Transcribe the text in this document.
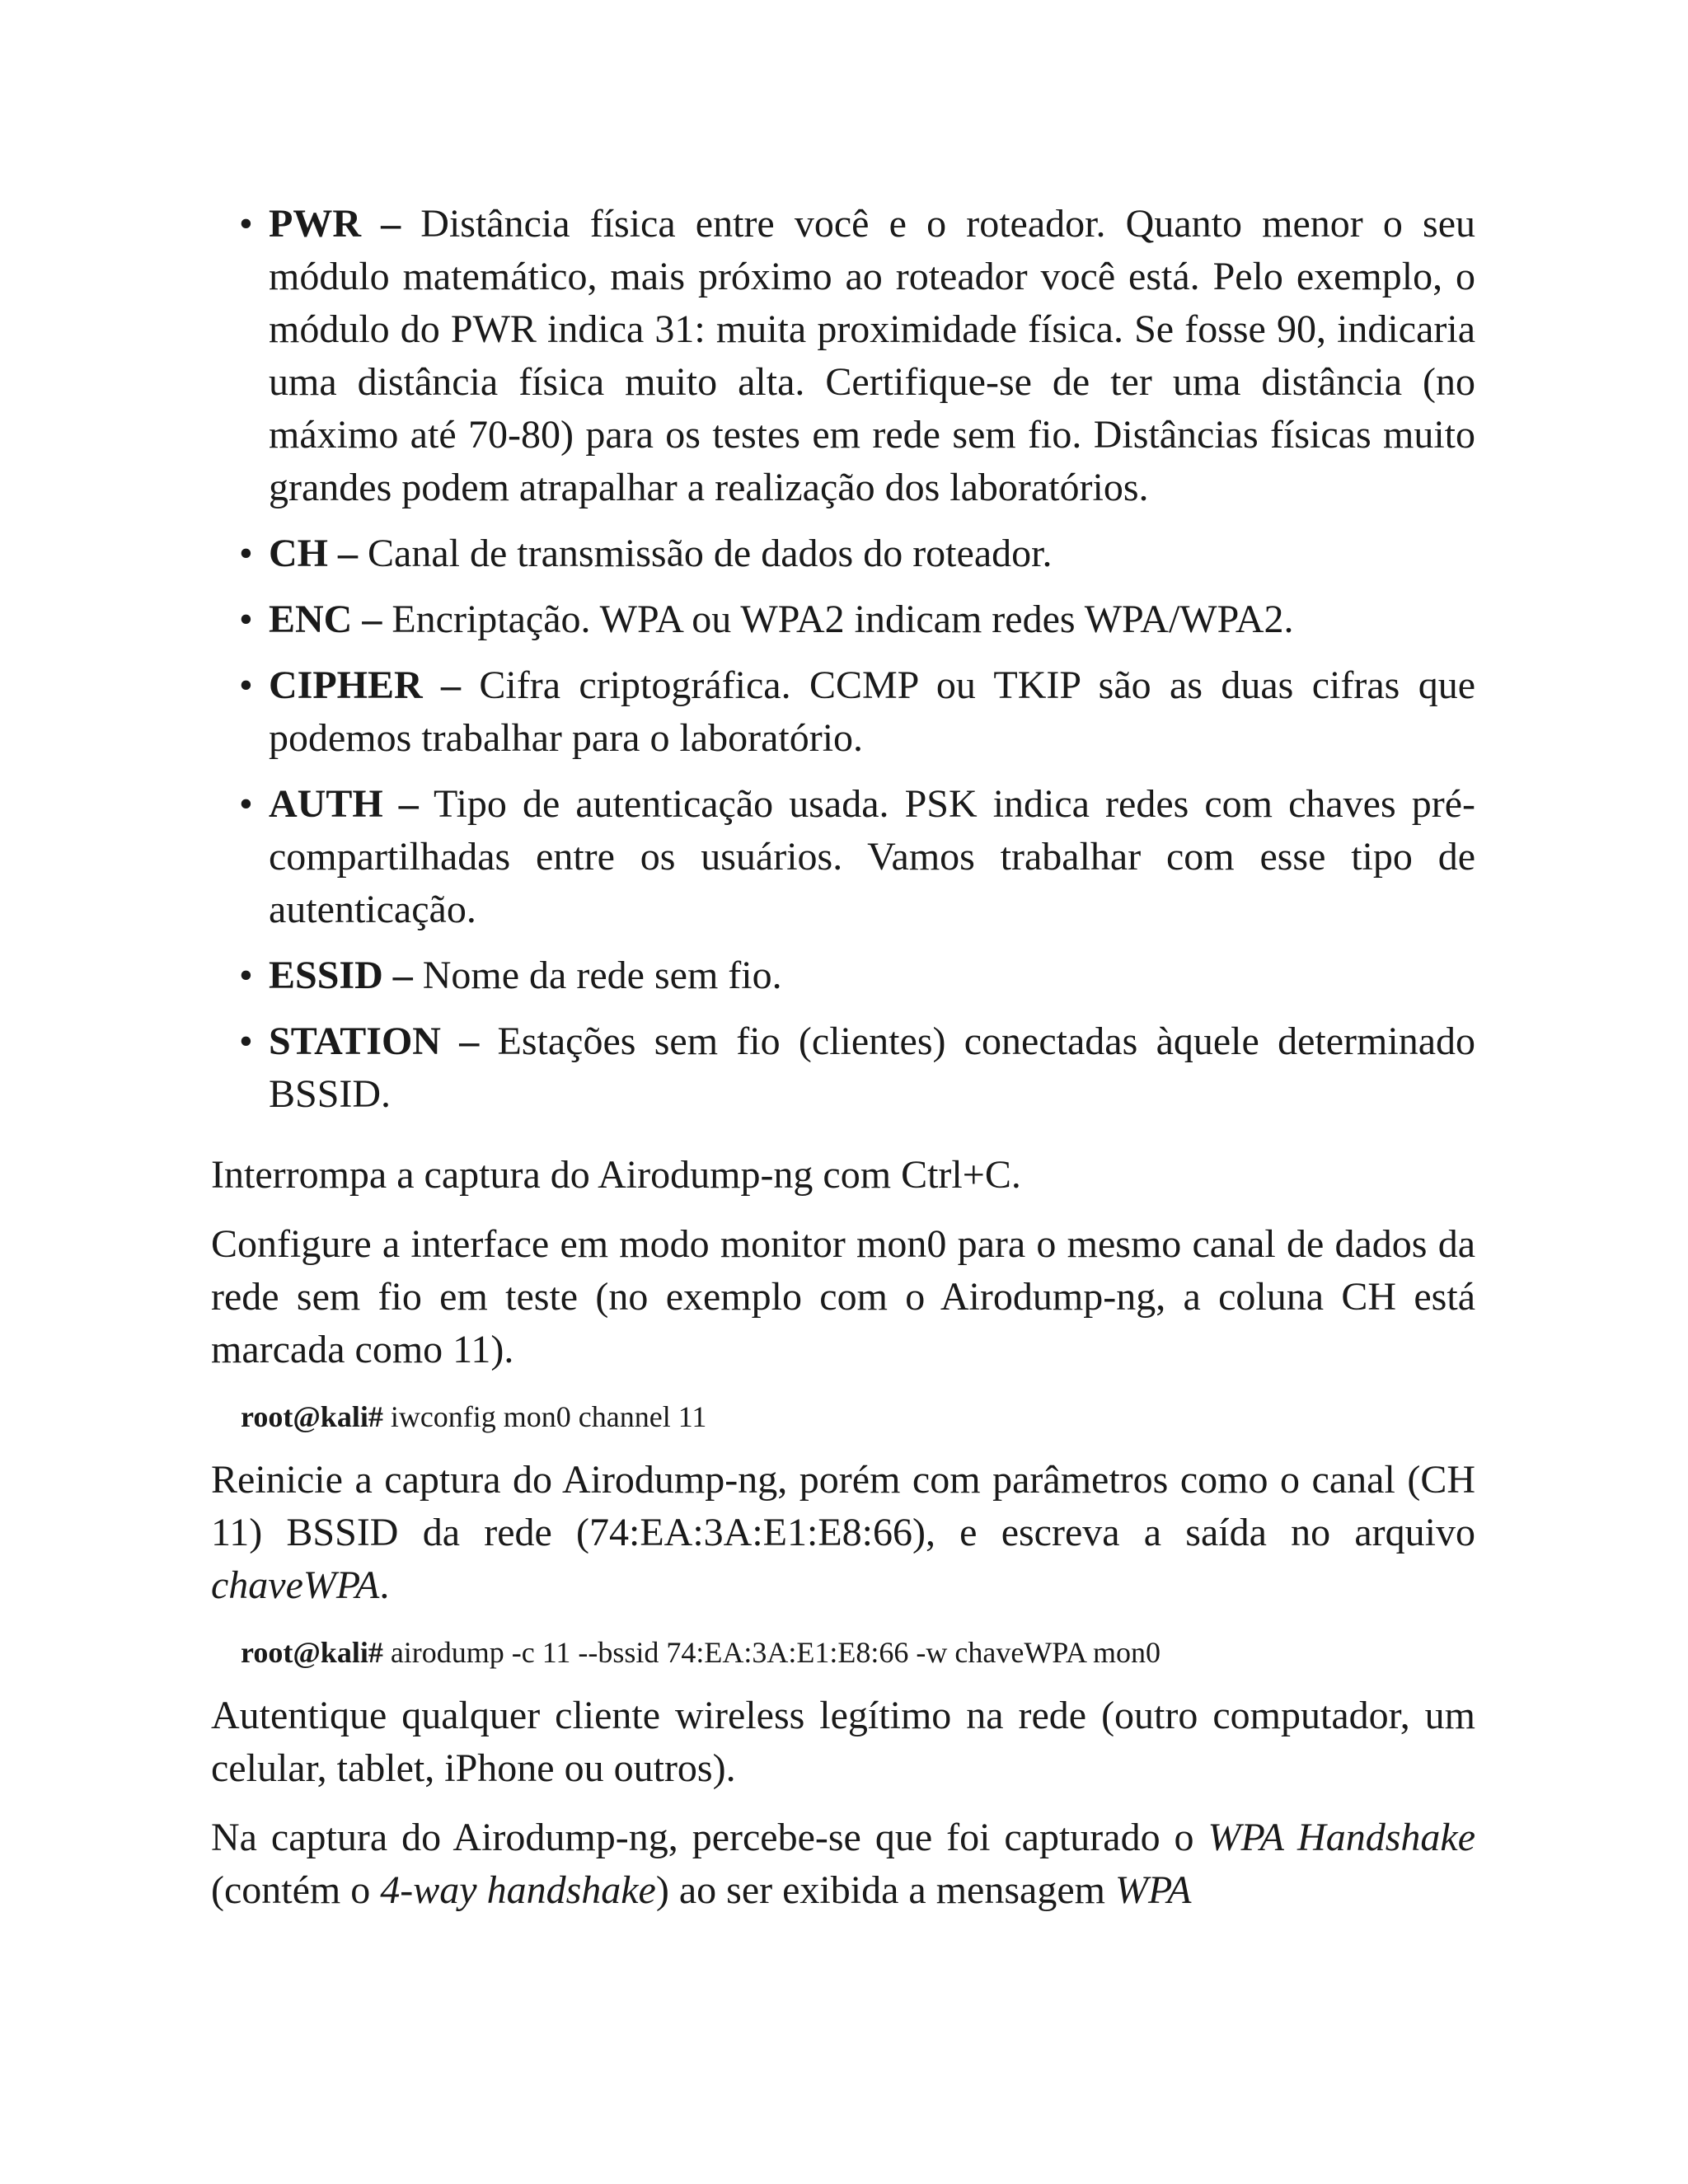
• PWR – Distância física entre você e o roteador. Quanto menor o seu módulo matemático, mais próximo ao roteador você está. Pelo exemplo, o módulo do PWR indica 31: muita proximidade física. Se fosse 90, indicaria uma distância física muito alta. Certifique-se de ter uma distância (no máximo até 70-80) para os testes em rede sem fio. Distâncias físicas muito grandes podem atrapalhar a realização dos laboratórios.
• CH – Canal de transmissão de dados do roteador.
• ENC – Encriptação. WPA ou WPA2 indicam redes WPA/WPA2.
• CIPHER – Cifra criptográfica. CCMP ou TKIP são as duas cifras que podemos trabalhar para o laboratório.
• AUTH – Tipo de autenticação usada. PSK indica redes com chaves pré-compartilhadas entre os usuários. Vamos trabalhar com esse tipo de autenticação.
• ESSID – Nome da rede sem fio.
• STATION – Estações sem fio (clientes) conectadas àquele determinado BSSID.

Interrompa a captura do Airodump-ng com Ctrl+C.

Configure a interface em modo monitor mon0 para o mesmo canal de dados da rede sem fio em teste (no exemplo com o Airodump-ng, a coluna CH está marcada como 11).

root@kali# iwconfig mon0 channel 11

Reinicie a captura do Airodump-ng, porém com parâmetros como o canal (CH 11) BSSID da rede (74:EA:3A:E1:E8:66), e escreva a saída no arquivo chaveWPA.

root@kali# airodump -c 11 --bssid 74:EA:3A:E1:E8:66 -w chaveWPA mon0

Autentique qualquer cliente wireless legítimo na rede (outro computador, um celular, tablet, iPhone ou outros).

Na captura do Airodump-ng, percebe-se que foi capturado o WPA Handshake (contém o 4-way handshake) ao ser exibida a mensagem WPA
